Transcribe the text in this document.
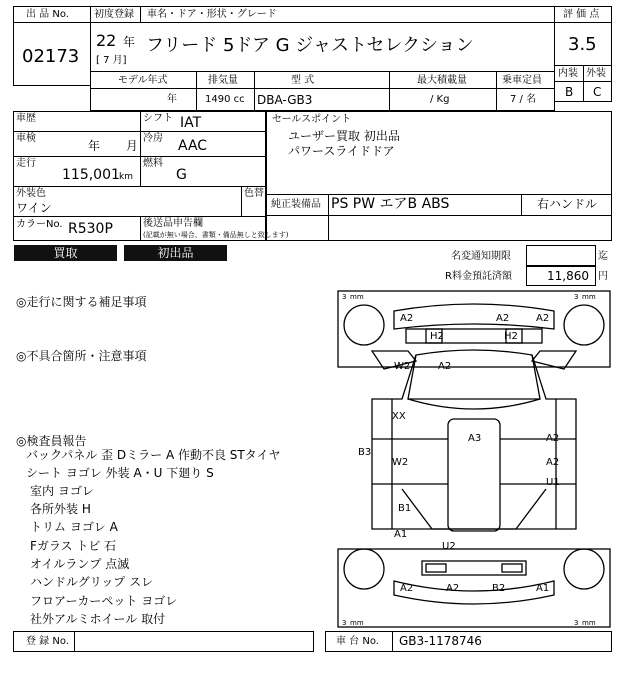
出 品 No.
02173
初度登録 車名・ドア・形状・グレード
22 年
[ 7 月]
フリード 5ドア G ジャストセレクション
評 価 点
3.5
内装 外装
B C
モデル年式	排気量	型 式	最大積載量	乗車定員
年	1490 cc DBA-GB3	/ Kg	7 / 名
車歴	シフト IAT
車検
年 月
冷房 AAC
走行
115,001 km
燃料
G
外装色
ワイン
色替
カラーNo. R530P	後送品申告欄
(記載が無い場合、書類・備品無しと致します)
セールスポイント
ユーザー買取 初出品
パワースライドドア
純正装備品 PS PW エアB ABS	右ハンドル
買取	初出品	名変通知期限	迄
R料金預託済額	11,860 円
◎走行に関する補足事項
◎不具合箇所・注意事項
◎検査員報告
バックパネル 歪 Dミラー A 作動不良 STタイヤ
シート ヨゴレ 外装 A・U 下廻り S
室内 ヨゴレ
各所外装 H
トリム ヨゴレ A
Fガラス トビ 石
オイルランプ 点滅
ハンドルグリップ スレ
フロアーカーペット ヨゴレ
社外アルミホイール 取付
3 mm	3 mm
3 mm	3 mm
A2	A2	A2
H2	H2
W2	A2
XX
A3	A2
B3
W2	A2
U1
B1
A1
U2
A2	A2	B2	A1
登 録 No.	車 台 No. GB3-1178746
